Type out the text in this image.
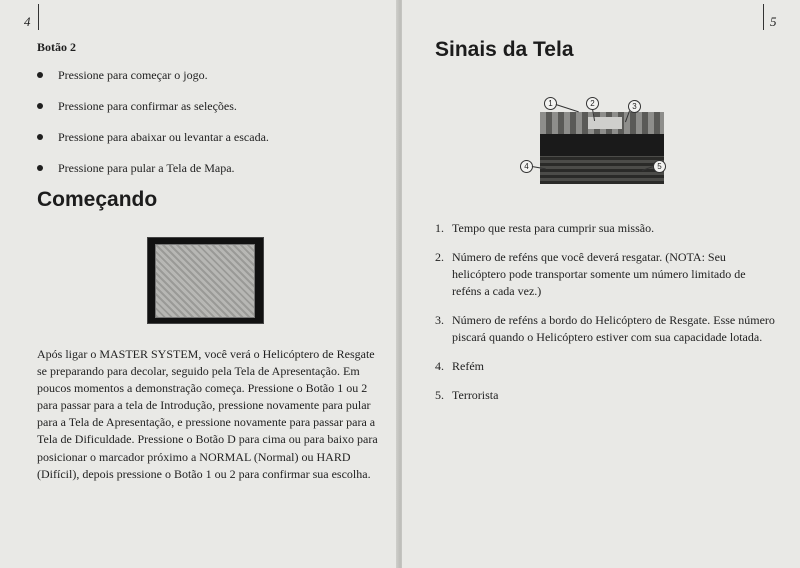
4
Botão 2
Pressione para começar o jogo.
Pressione para confirmar as seleções.
Pressione para abaixar ou levantar a escada.
Pressione para pular a Tela de Mapa.
Começando

Após ligar o MASTER SYSTEM, você verá o Helicóptero de Resgate se preparando para decolar, seguido pela Tela de Apresentação. Em poucos momentos a demonstração começa. Pressione o Botão 1 ou 2 para passar para a tela de Introdução, pressione novamente para pular para a Tela de Apresentação, e pressione novamente para passar para a Tela de Dificuldade. Pressione o Botão D para cima ou para baixo para posicionar o marcador próximo a NORMAL (Normal) ou HARD (Difícil), depois pressione o Botão 1 ou 2 para confirmar sua escolha.

5
Sinais da Tela
1	2	3
4	5
1. Tempo que resta para cumprir sua missão.
2. Número de reféns que você deverá resgatar. (NOTA: Seu helicóptero pode transportar somente um número limitado de reféns a cada vez.)
3. Número de reféns a bordo do Helicóptero de Resgate. Esse número piscará quando o Helicóptero estiver com sua capacidade lotada.
4. Refém
5. Terrorista
